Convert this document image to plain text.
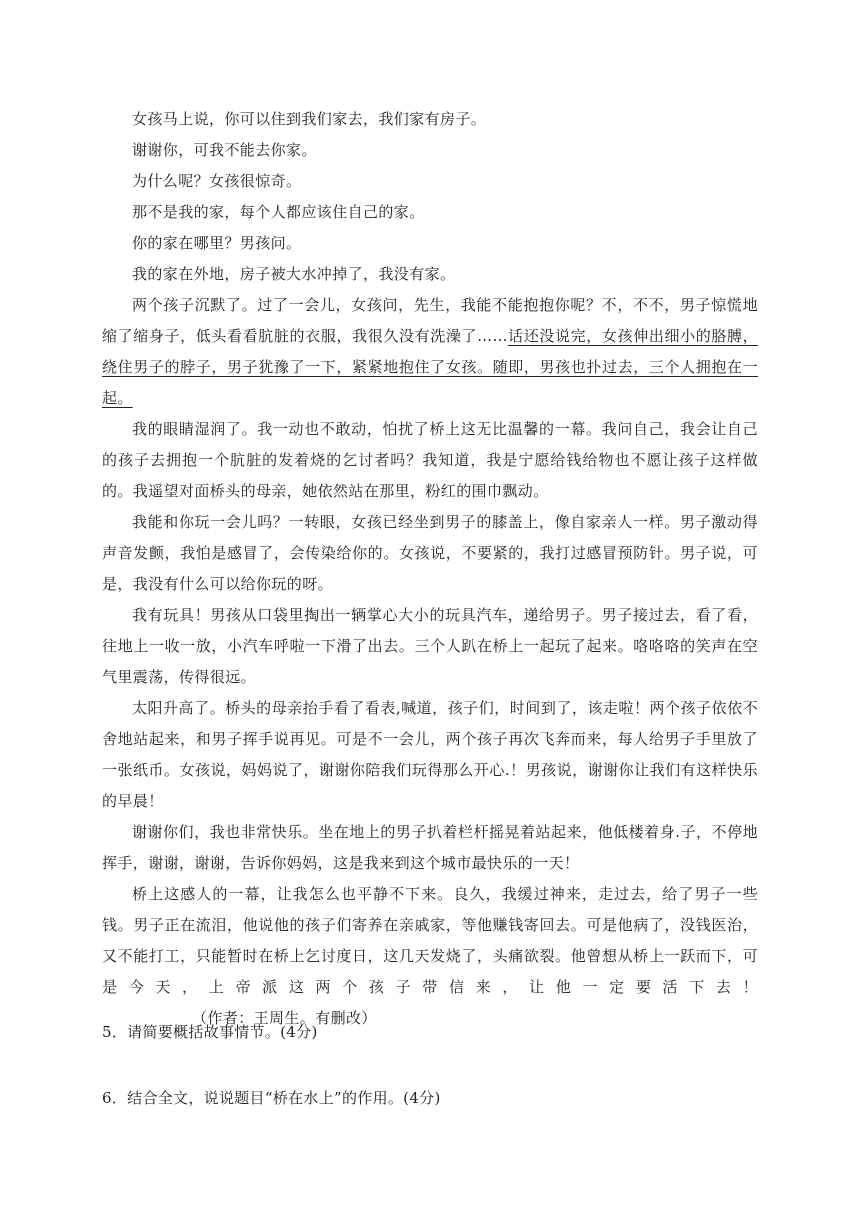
女孩马上说，你可以住到我们家去，我们家有房子。

谢谢你，可我不能去你家。

为什么呢？女孩很惊奇。

那不是我的家，每个人都应该住自己的家。

你的家在哪里？男孩问。

我的家在外地，房子被大水冲掉了，我没有家。

两个孩子沉默了。过了一会儿，女孩问，先生，我能不能抱抱你呢？不，不不，男子惊慌地缩了缩身子，低头看看肮脏的衣服，我很久没有洗澡了……话还没说完，女孩伸出细小的胳膊，绕住男子的脖子，男子犹豫了一下，紧紧地抱住了女孩。随即，男孩也扑过去，三个人拥抱在一起。

我的眼睛湿润了。我一动也不敢动，怕扰了桥上这无比温馨的一幕。我问自己，我会让自己的孩子去拥抱一个肮脏的发着烧的乞讨者吗？我知道，我是宁愿给钱给物也不愿让孩子这样做的。我遥望对面桥头的母亲，她依然站在那里，粉红的围巾飘动。

我能和你玩一会儿吗？一转眼，女孩已经坐到男子的膝盖上，像自家亲人一样。男子激动得声音发颤，我怕是感冒了，会传染给你的。女孩说，不要紧的，我打过感冒预防针。男子说，可是，我没有什么可以给你玩的呀。

我有玩具！男孩从口袋里掏出一辆掌心大小的玩具汽车，递给男子。男子接过去，看了看，往地上一收一放，小汽车呼啦一下滑了出去。三个人趴在桥上一起玩了起来。咯咯咯的笑声在空气里震荡，传得很远。

太阳升高了。桥头的母亲抬手看了看表,喊道，孩子们，时间到了，该走啦！两个孩子依依不舍地站起来，和男子挥手说再见。可是不一会儿，两个孩子再次飞奔而来，每人给男子手里放了一张纸币。女孩说，妈妈说了，谢谢你陪我们玩得那么开心.！男孩说，谢谢你让我们有这样快乐的早晨！

谢谢你们，我也非常快乐。坐在地上的男子扒着栏杆摇晃着站起来，他低楼着身.子，不停地挥手，谢谢，谢谢，告诉你妈妈，这是我来到这个城市最快乐的一天！

桥上这感人的一幕，让我怎么也平静不下来。良久，我缓过神来，走过去，给了男子一些钱。男子正在流泪，他说他的孩子们寄养在亲戚家，等他赚钱寄回去。可是他病了，没钱医治，又不能打工，只能暂时在桥上乞讨度日，这几天发烧了，头痛欲裂。他曾想从桥上一跃而下，可是今天，上帝派这两个孩子带信来，让他一定要活下去！（作者：王周生。有删改）

5．请简要概括故事情节。(4分)

6．结合全文，说说题目“桥在水上”的作用。(4分)
